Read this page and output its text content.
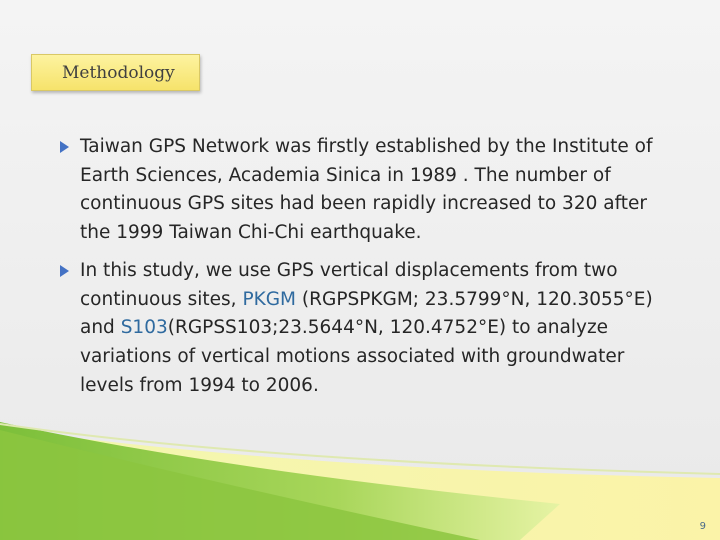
Methodology
Taiwan GPS Network was firstly established by the Institute of Earth Sciences, Academia Sinica in 1989 . The number of continuous GPS sites had been rapidly increased to 320 after the 1999 Taiwan Chi-Chi earthquake.
In this study, we use GPS vertical displacements from two continuous sites, PKGM (RGPSPKGM; 23.5799°N, 120.3055°E) and S103(RGPSS103;23.5644°N, 120.4752°E) to analyze variations of vertical motions associated with groundwater levels from 1994 to 2006.
9
